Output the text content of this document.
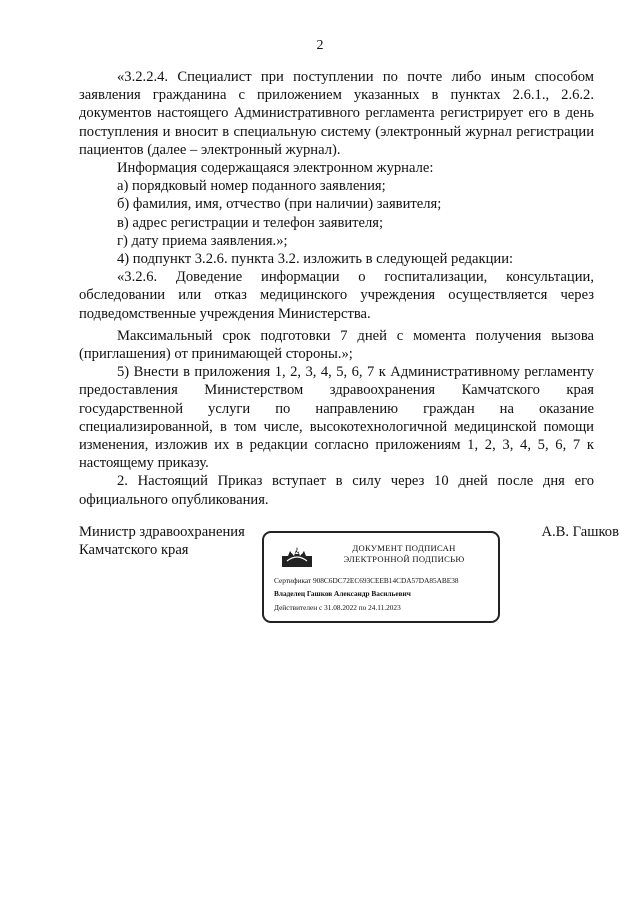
2

«3.2.2.4. Специалист при поступлении по почте либо иным способом

заявления гражданина с приложением указанных в пунктах 2.6.1., 2.6.2.

документов настоящего Административного регламента регистрирует его в день

поступления и вносит в специальную систему (электронный журнал регистрации

пациентов (далее – электронный журнал).

Информация содержащаяся электронном журнале:

а) порядковый номер поданного заявления;

б) фамилия, имя, отчество (при наличии) заявителя;

в) адрес регистрации и телефон заявителя;

г) дату приема заявления.»;

4) подпункт 3.2.6. пункта 3.2. изложить в следующей редакции:

«3.2.6. Доведение информации о госпитализации, консультации,

обследовании или отказ медицинского учреждения осуществляется через

подведомственные учреждения Министерства.

Максимальный срок подготовки 7 дней с момента получения вызова

(приглашения) от принимающей стороны.»;

5) Внести в приложения 1, 2, 3, 4, 5, 6, 7 к Административному регламенту

предоставления Министерством здравоохранения Камчатского края

государственной услуги по направлению граждан на оказание

специализированной, в том числе, высокотехнологичной медицинской помощи

изменения, изложив их в редакции согласно приложениям 1, 2, 3, 4, 5, 6, 7 к

настоящему приказу.

2. Настоящий Приказ вступает в силу через 10 дней после дня его

официального опубликования.

Министр здравоохранения
Камчатского края	423	ДОКУМЕНТ ПОДПИСАН
ЭЛЕКТРОННОЙ ПОДПИСЬЮ
Сертификат 908C6DC72EC693CEEB14CDA57DA85ABE38
Владелец Гашков Александр Васильевич
Действителен с 31.08.2022 по 24.11.2023
А.В. Гашков
